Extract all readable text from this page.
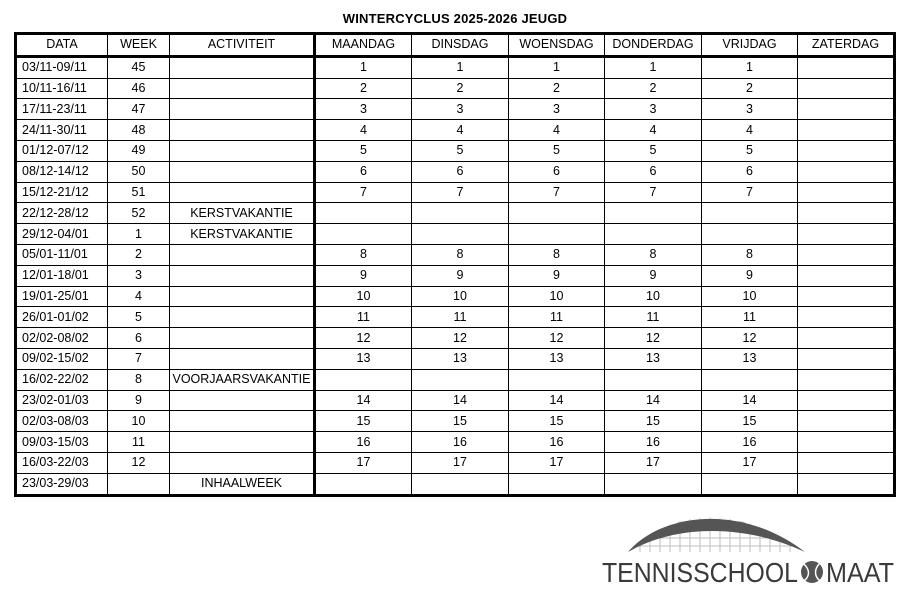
WINTERCYCLUS 2025-2026 JEUGD
DATA	WEEK	ACTIVITEIT	MAANDAG	DINSDAG	WOENSDAG	DONDERDAG	VRIJDAG	ZATERDAG
03/11-09/11	45		1	1	1	1	1	
10/11-16/11	46		2	2	2	2	2	
17/11-23/11	47		3	3	3	3	3	
24/11-30/11	48		4	4	4	4	4	
01/12-07/12	49		5	5	5	5	5	
08/12-14/12	50		6	6	6	6	6	
15/12-21/12	51		7	7	7	7	7	
22/12-28/12	52	KERSTVAKANTIE						
29/12-04/01	1	KERSTVAKANTIE						
05/01-11/01	2		8	8	8	8	8	
12/01-18/01	3		9	9	9	9	9	
19/01-25/01	4		10	10	10	10	10	
26/01-01/02	5		11	11	11	11	11	
02/02-08/02	6		12	12	12	12	12	
09/02-15/02	7		13	13	13	13	13	
16/02-22/02	8	VOORJAARSVAKANTIE						
23/02-01/03	9		14	14	14	14	14	
02/03-08/03	10		15	15	15	15	15	
09/03-15/03	11		16	16	16	16	16	
16/03-22/03	12		17	17	17	17	17	
23/03-29/03		INHAALWEEK						
TENNISSCHOOL MAAT
